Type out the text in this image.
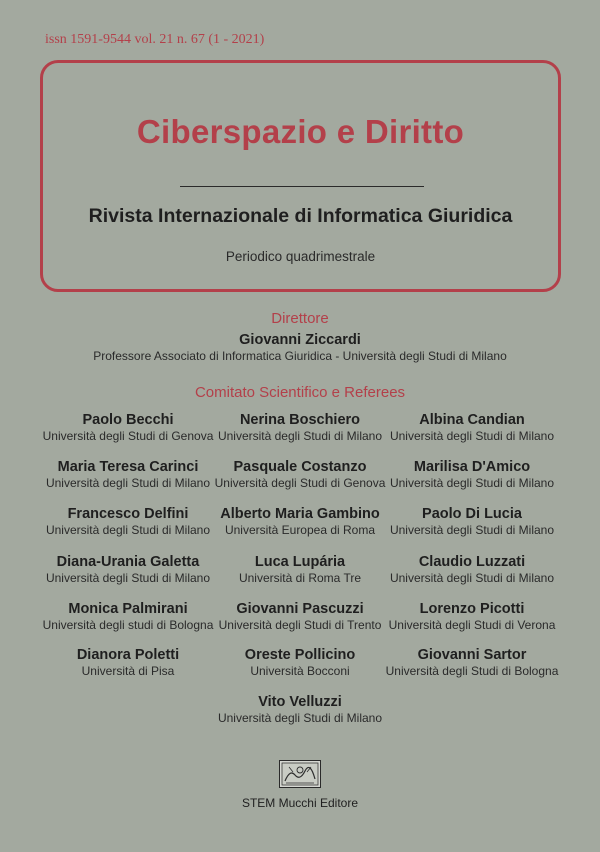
issn 1591-9544 vol. 21 n. 67 (1 - 2021)
Ciberspazio e Diritto
Rivista Internazionale di Informatica Giuridica
Periodico quadrimestrale
Direttore
Giovanni Ziccardi
Professore Associato di Informatica Giuridica - Università degli Studi di Milano
Comitato Scientifico e Referees
Paolo Becchi
Università degli Studi di Genova
Nerina Boschiero
Università degli Studi di Milano
Albina Candian
Università degli Studi di Milano
Maria Teresa Carinci
Università degli Studi di Milano
Pasquale Costanzo
Università degli Studi di Genova
Marilisa D'Amico
Università degli Studi di Milano
Francesco Delfini
Università degli Studi di Milano
Alberto Maria Gambino
Università Europea di Roma
Paolo Di Lucia
Università degli Studi di Milano
Diana-Urania Galetta
Università degli Studi di Milano
Luca Lupária
Università di Roma Tre
Claudio Luzzati
Università degli Studi di Milano
Monica Palmirani
Università degli studi di Bologna
Giovanni Pascuzzi
Università degli Studi di Trento
Lorenzo Picotti
Università degli Studi di Verona
Dianora Poletti
Università di Pisa
Oreste Pollicino
Università Bocconi
Giovanni Sartor
Università degli Studi di Bologna
Vito Velluzzi
Università degli Studi di Milano
STEM Mucchi Editore
